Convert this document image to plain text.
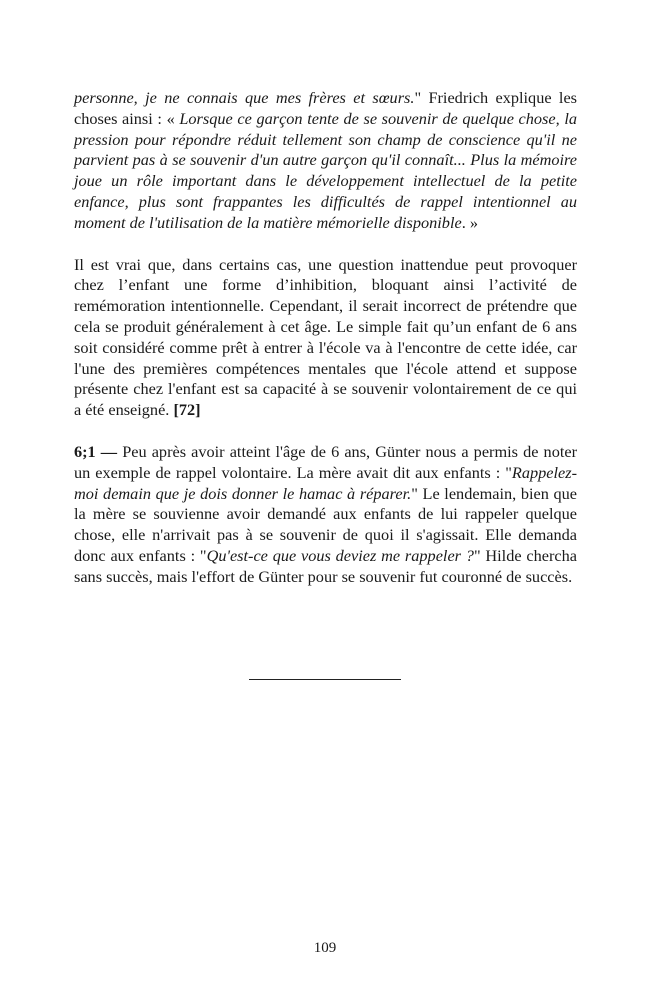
personne, je ne connais que mes frères et sœurs." Friedrich explique les choses ainsi : « Lorsque ce garçon tente de se souvenir de quelque chose, la pression pour répondre réduit tellement son champ de conscience qu'il ne parvient pas à se souvenir d'un autre garçon qu'il connaît... Plus la mémoire joue un rôle important dans le développement intellectuel de la petite enfance, plus sont frappantes les difficultés de rappel intentionnel au moment de l'utilisation de la matière mémorielle disponible. »

Il est vrai que, dans certains cas, une question inattendue peut provoquer chez l’enfant une forme d’inhibition, bloquant ainsi l’activité de remémoration intentionnelle. Cependant, il serait incorrect de prétendre que cela se produit généralement à cet âge. Le simple fait qu’un enfant de 6 ans soit considéré comme prêt à entrer à l'école va à l'encontre de cette idée, car l'une des premières compétences mentales que l'école attend et suppose présente chez l'enfant est sa capacité à se souvenir volontairement de ce qui a été enseigné. [72]

6;1 — Peu après avoir atteint l'âge de 6 ans, Günter nous a permis de noter un exemple de rappel volontaire. La mère avait dit aux enfants : "Rappelez-moi demain que je dois donner le hamac à réparer." Le lendemain, bien que la mère se souvienne avoir demandé aux enfants de lui rappeler quelque chose, elle n'arrivait pas à se souvenir de quoi il s'agissait. Elle demanda donc aux enfants : "Qu'est-ce que vous deviez me rappeler ?" Hilde chercha sans succès, mais l'effort de Günter pour se souvenir fut couronné de succès.

109
